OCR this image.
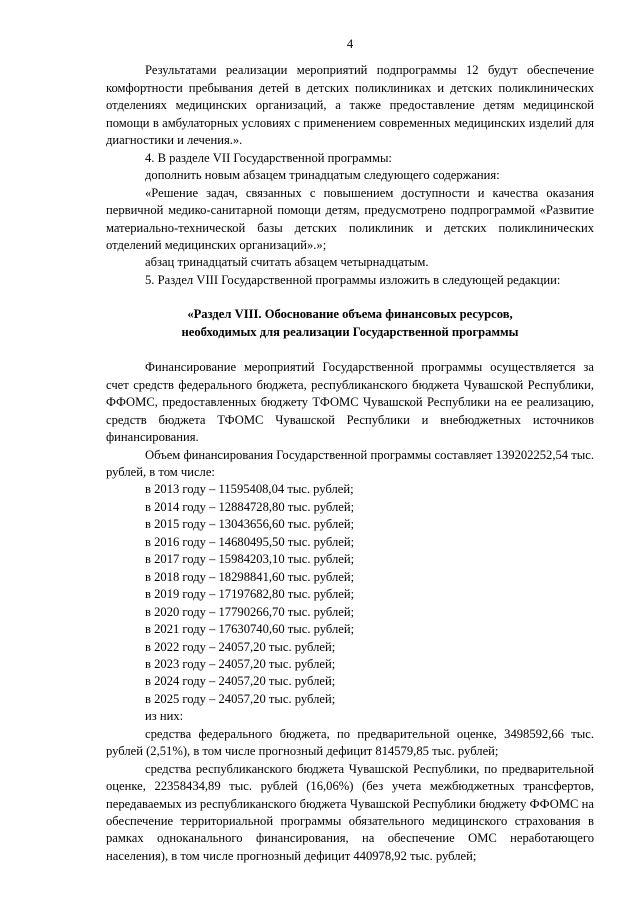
4

Результатами реализации мероприятий подпрограммы 12 будут обеспечение комфортности пребывания детей в детских поликлиниках и детских поликлинических отделениях медицинских организаций, а также предоставление детям медицинской помощи в амбулаторных условиях с применением современных медицинских изделий для диагностики и лечения.».

4. В разделе VII Государственной программы:

дополнить новым абзацем тринадцатым следующего содержания:

«Решение задач, связанных с повышением доступности и качества оказания первичной медико-санитарной помощи детям, предусмотрено подпрограммой «Развитие материально-технической базы детских поликлиник и детских поликлинических отделений медицинских организаций».»;

абзац тринадцатый считать абзацем четырнадцатым.

5. Раздел VIII Государственной программы изложить в следующей редакции:

«Раздел VIII. Обоснование объема финансовых ресурсов,
необходимых для реализации Государственной программы

Финансирование мероприятий Государственной программы осуществляется за счет средств федерального бюджета, республиканского бюджета Чувашской Республики, ФФОМС, предоставленных бюджету ТФОМС Чувашской Республики на ее реализацию, средств бюджета ТФОМС Чувашской Республики и внебюджетных источников финансирования.

Объем финансирования Государственной программы составляет 139202252,54 тыс. рублей, в том числе:

в 2013 году – 11595408,04 тыс. рублей;
в 2014 году – 12884728,80 тыс. рублей;
в 2015 году – 13043656,60 тыс. рублей;
в 2016 году – 14680495,50 тыс. рублей;
в 2017 году – 15984203,10 тыс. рублей;
в 2018 году – 18298841,60 тыс. рублей;
в 2019 году – 17197682,80 тыс. рублей;
в 2020 году – 17790266,70 тыс. рублей;
в 2021 году – 17630740,60 тыс. рублей;
в 2022 году – 24057,20 тыс. рублей;
в 2023 году – 24057,20 тыс. рублей;
в 2024 году – 24057,20 тыс. рублей;
в 2025 году – 24057,20 тыс. рублей;

из них:

средства федерального бюджета, по предварительной оценке, 3498592,66 тыс. рублей (2,51%), в том числе прогнозный дефицит 814579,85 тыс. рублей;

средства республиканского бюджета Чувашской Республики, по предварительной оценке, 22358434,89 тыс. рублей (16,06%) (без учета межбюджетных трансфертов, передаваемых из республиканского бюджета Чувашской Республики бюджету ФФОМС на обеспечение территориальной программы обязательного медицинского страхования в рамках одноканального финансирования, на обеспечение ОМС неработающего населения), в том числе прогнозный дефицит 440978,92 тыс. рублей;
